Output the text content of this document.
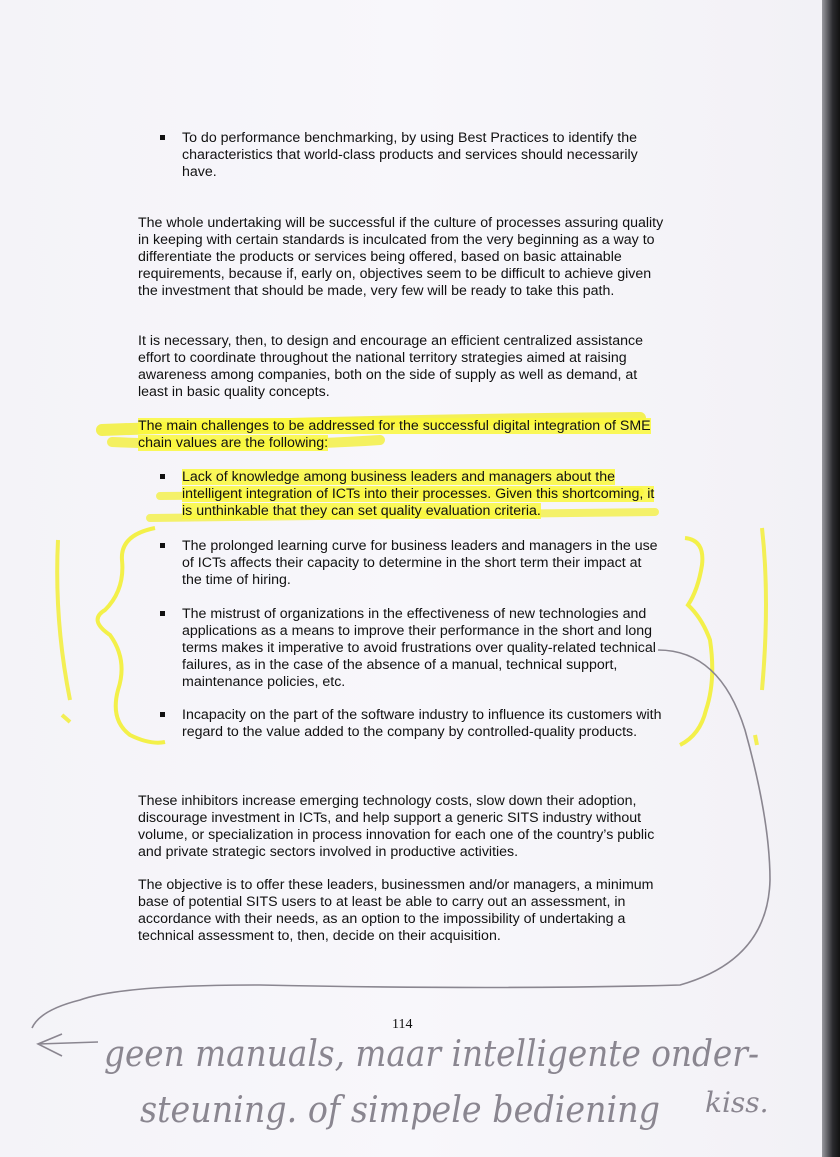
To do performance benchmarking, by using Best Practices to identify the characteristics that world-class products and services should necessarily have.
The whole undertaking will be successful if the culture of processes assuring quality in keeping with certain standards is inculcated from the very beginning as a way to differentiate the products or services being offered, based on basic attainable requirements, because if, early on, objectives seem to be difficult to achieve given the investment that should be made, very few will be ready to take this path.
It is necessary, then, to design and encourage an efficient centralized assistance effort to coordinate throughout the national territory strategies aimed at raising awareness among companies, both on the side of supply as well as demand, at least in basic quality concepts.
The main challenges to be addressed for the successful digital integration of SME chain values are the following:
Lack of knowledge among business leaders and managers about the intelligent integration of ICTs into their processes. Given this shortcoming, it is unthinkable that they can set quality evaluation criteria.
The prolonged learning curve for business leaders and managers in the use of ICTs affects their capacity to determine in the short term their impact at the time of hiring.
The mistrust of organizations in the effectiveness of new technologies and applications as a means to improve their performance in the short and long terms makes it imperative to avoid frustrations over quality-related technical failures, as in the case of the absence of a manual, technical support, maintenance policies, etc.
Incapacity on the part of the software industry to influence its customers with regard to the value added to the company by controlled-quality products.
These inhibitors increase emerging technology costs, slow down their adoption, discourage investment in ICTs, and help support a generic SITS industry without volume, or specialization in process innovation for each one of the country’s public and private strategic sectors involved in productive activities.
The objective is to offer these leaders, businessmen and/or managers, a minimum base of potential SITS users to at least be able to carry out an assessment, in accordance with their needs, as an option to the impossibility of undertaking a technical assessment to, then, decide on their acquisition.
114
geen manuals, maar intelligente onder-
steuning. of simpele bediening kiss.
